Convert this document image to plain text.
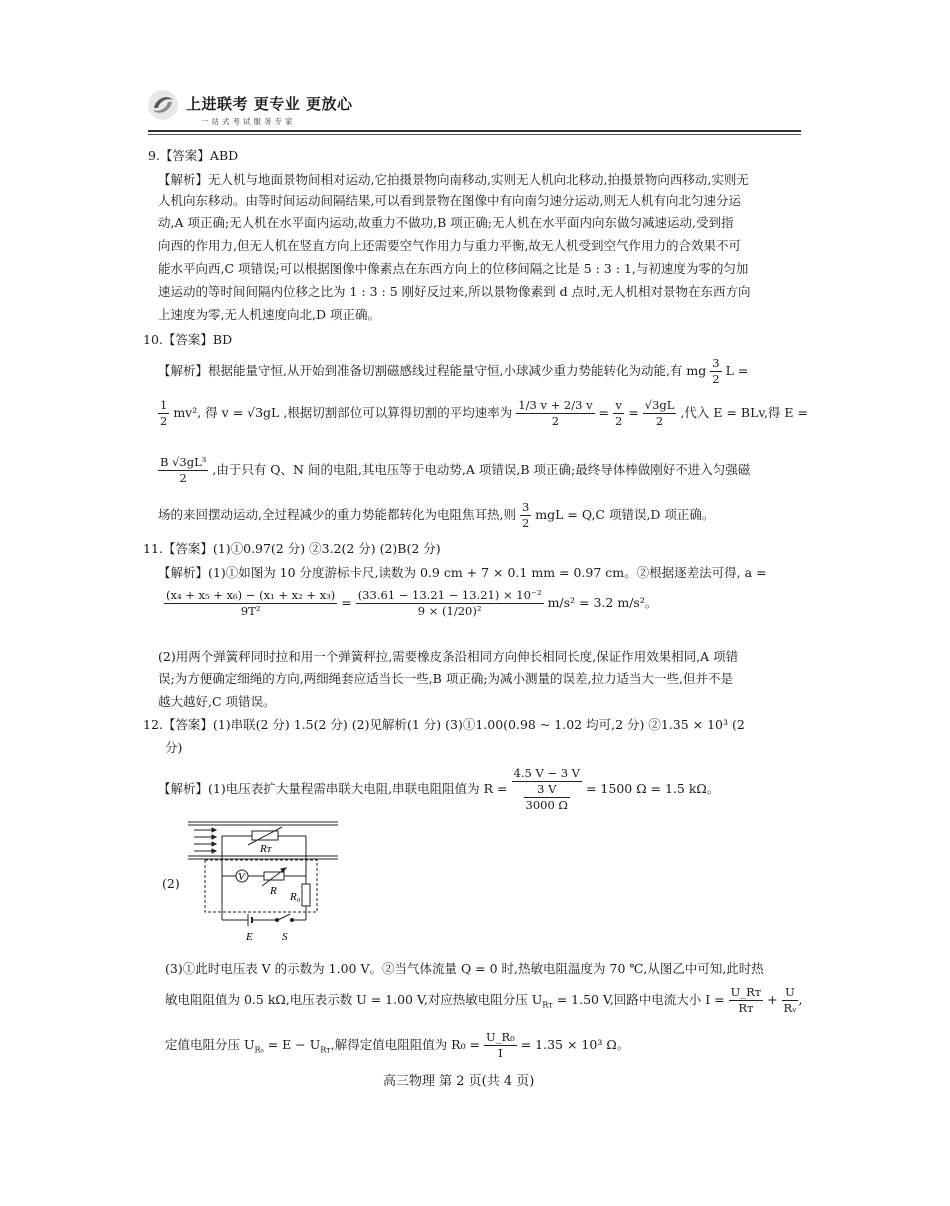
上进联考 更专业 更放心
一站式考试服务专家
9.【答案】ABD
【解析】无人机与地面景物间相对运动,它拍摄景物向南移动,实则无人机向北移动,拍摄景物向西移动,实则无
人机向东移动。由等时间运动间隔结果,可以看到景物在图像中有向南匀速分运动,则无人机有向北匀速分运
动,A 项正确;无人机在水平面内运动,故重力不做功,B 项正确;无人机在水平面内向东做匀减速运动,受到指
向西的作用力,但无人机在竖直方向上还需要空气作用力与重力平衡,故无人机受到空气作用力的合效果不可
能水平向西,C 项错误;可以根据图像中像素点在东西方向上的位移间隔之比是 5 : 3 : 1,与初速度为零的匀加
速运动的等时间间隔内位移之比为 1 : 3 : 5 刚好反过来,所以景物像素到 d 点时,无人机相对景物在东西方向
上速度为零,无人机速度向北,D 项正确。
10.【答案】BD
【解析】根据能量守恒,从开始到准备切割磁感线过程能量守恒,小球减少重力势能转化为动能,有 mg $\frac{3}{2}$ L =
$\frac{1}{2} mv^2$, 得 v = √3gL ,根据切割部位可以算得切割的平均速率为 $\frac{1/3 v + 2/3 v}{2} = \frac{v}{2} = \frac{√3gL}{2}$ ,代入 E = BLv,得 E =
$\frac{\text{B √3gL³}}{2}$ ,由于只有 Q、N 间的电阻,其电压等于电动势,A 项错误,B 项正确;最终导体棒做刚好不进入匀强磁
场的来回摆动运动,全过程减少的重力势能都转化为电阻焦耳热,则 $\frac{3}{2}$ mgL = Q,C 项错误,D 项正确。
11.【答案】(1)①0.97(2 分) ②3.2(2 分) (2)B(2 分)
【解析】(1)①如图为 10 分度游标卡尺,读数为 0.9 cm + 7 × 0.1 mm = 0.97 cm。②根据逐差法可得, a =
$\frac{\text{(x₄ + x₅ + x₆) − (x₁ + x₂ + x₃)}}{\text{9T²}} = \frac{\text{(33.61 − 13.21 − 13.21) × 10⁻²}}{\text{9 × (1/20)²}} m/s^2 = 3.2$ m/s²。
(2)用两个弹簧秤同时拉和用一个弹簧秤拉,需要橡皮条沿相同方向伸长相同长度,保证作用效果相同,A 项错
误;为方便确定细绳的方向,两细绳套应适当长一些,B 项正确;为减小测量的误差,拉力适当大一些,但并不是
越大越好,C 项错误。
12.【答案】(1)串联(2 分) 1.5(2 分) (2)见解析(1 分) (3)①1.00(0.98 ~ 1.02 均可,2 分) ②1.35 × 10³ (2
分)
【解析】(1)电压表扩大量程需串联大电阻,串联电阻阻值为 $R = \frac{4.5 V - 3 V}{\frac{3 V}{3000 \Omega}} = 1500$ Ω = 1.5 kΩ。
(2)
Rᴛ
V
R R₀
E	S
(3)①此时电压表 V 的示数为 1.00 V。②当气体流量 Q = 0 时,热敏电阻温度为 70 ℃,从图乙中可知,此时热
敏电阻阻值为 0.5 kΩ,电压表示数 U = 1.00 V,对应热敏电阻分压 $U_{Rᴛ} = 1.50$ V,回路中电流大小 $I = \frac{\text{U\_Rᴛ}}{\text{Rᴛ}} + \frac{U}{\text{Rᵥ}}$ ,
定值电阻分压 $U_{R_0} = E - U_{Rᴛ}$,解得定值电阻阻值为 $R_0 = \frac{\text{U\_R₀}}{I} = 1.35 \times 10^3$ Ω。
高三物理 第 2 页(共 4 页)
